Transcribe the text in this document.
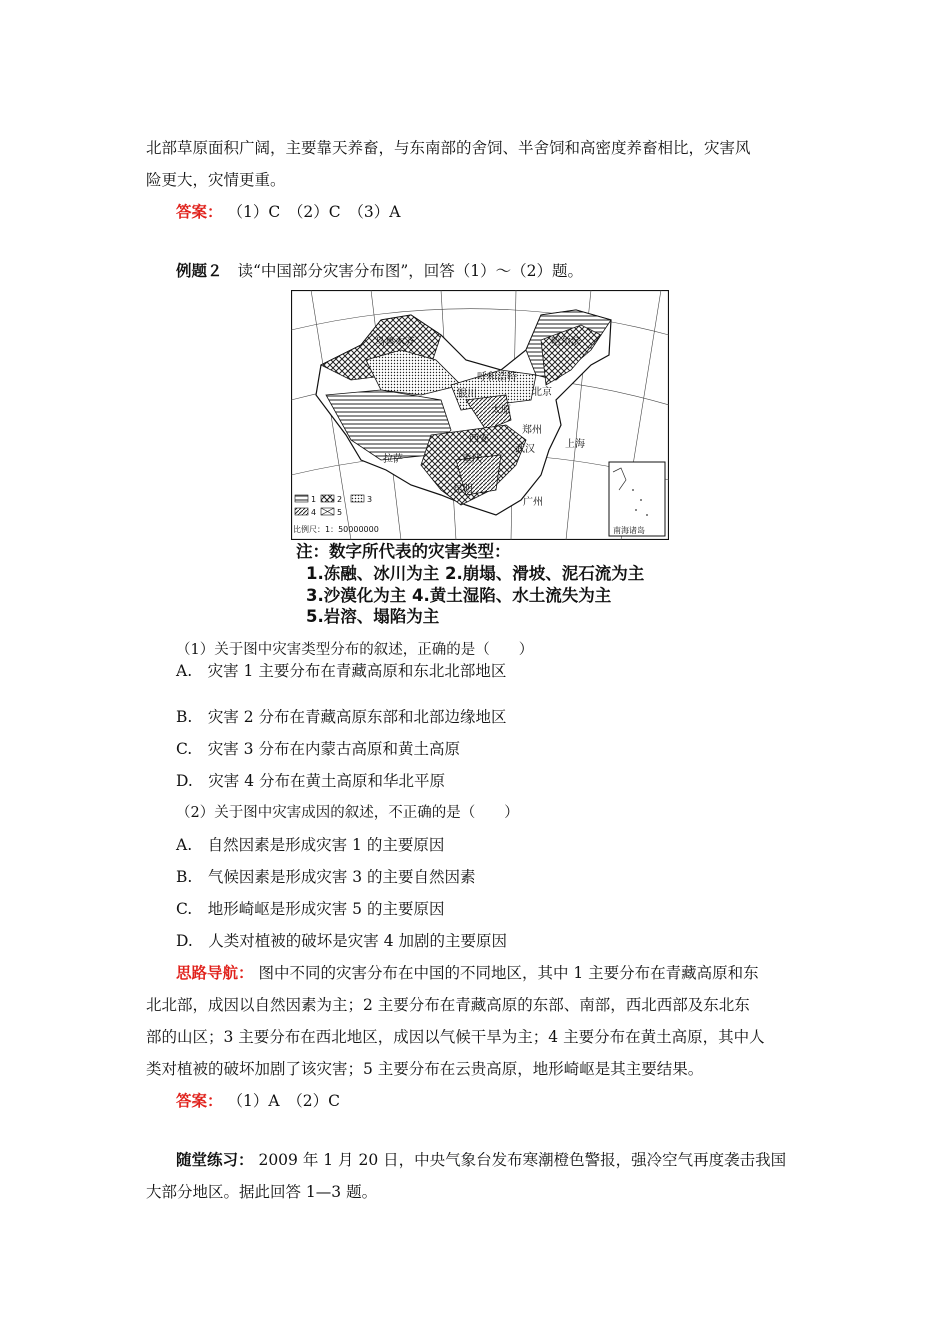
北部草原面积广阔，主要靠天养畜，与东南部的舍饲、半舍饲和高密度养畜相比，灾害风
险更大，灾情更重。
答案： （1）C　（2）C　（3）A
例题２ 读“中国部分灾害分布图”，回答（1）～（2）题。
乌鲁木齐	哈尔滨
呼和浩特
银川
太原
北京
西安
郑州
武汉	上海
拉萨	重庆
昆明
广州
1	2	3
4	5
比例尺：1：50000000	南海诸岛
注：数字所代表的灾害类型：
1.冻融、冰川为主 2.崩塌、滑坡、泥石流为主
3.沙漠化为主 4.黄土湿陷、水土流失为主
5.岩溶、塌陷为主
（1）关于图中灾害类型分布的叙述，正确的是（　　）
A.　灾害 1 主要分布在青藏高原和东北北部地区
B.　灾害 2 分布在青藏高原东部和北部边缘地区
C.　灾害 3 分布在内蒙古高原和黄土高原
D.　灾害 4 分布在黄土高原和华北平原
（2）关于图中灾害成因的叙述，不正确的是（　　）
A.　自然因素是形成灾害 1 的主要原因
B.　气候因素是形成灾害 3 的主要自然因素
C.　地形崎岖是形成灾害 5 的主要原因
D.　人类对植被的破坏是灾害 4 加剧的主要原因
思路导航： 图中不同的灾害分布在中国的不同地区，其中 1 主要分布在青藏高原和东
北北部，成因以自然因素为主；2 主要分布在青藏高原的东部、南部，西北西部及东北东
部的山区；3 主要分布在西北地区，成因以气候干旱为主；4 主要分布在黄土高原，其中人
类对植被的破坏加剧了该灾害；5 主要分布在云贵高原，地形崎岖是其主要结果。
答案： （1）A　（2）C
随堂练习： 2009 年 1 月 20 日，中央气象台发布寒潮橙色警报，强冷空气再度袭击我国
大部分地区。据此回答 1—3 题。
